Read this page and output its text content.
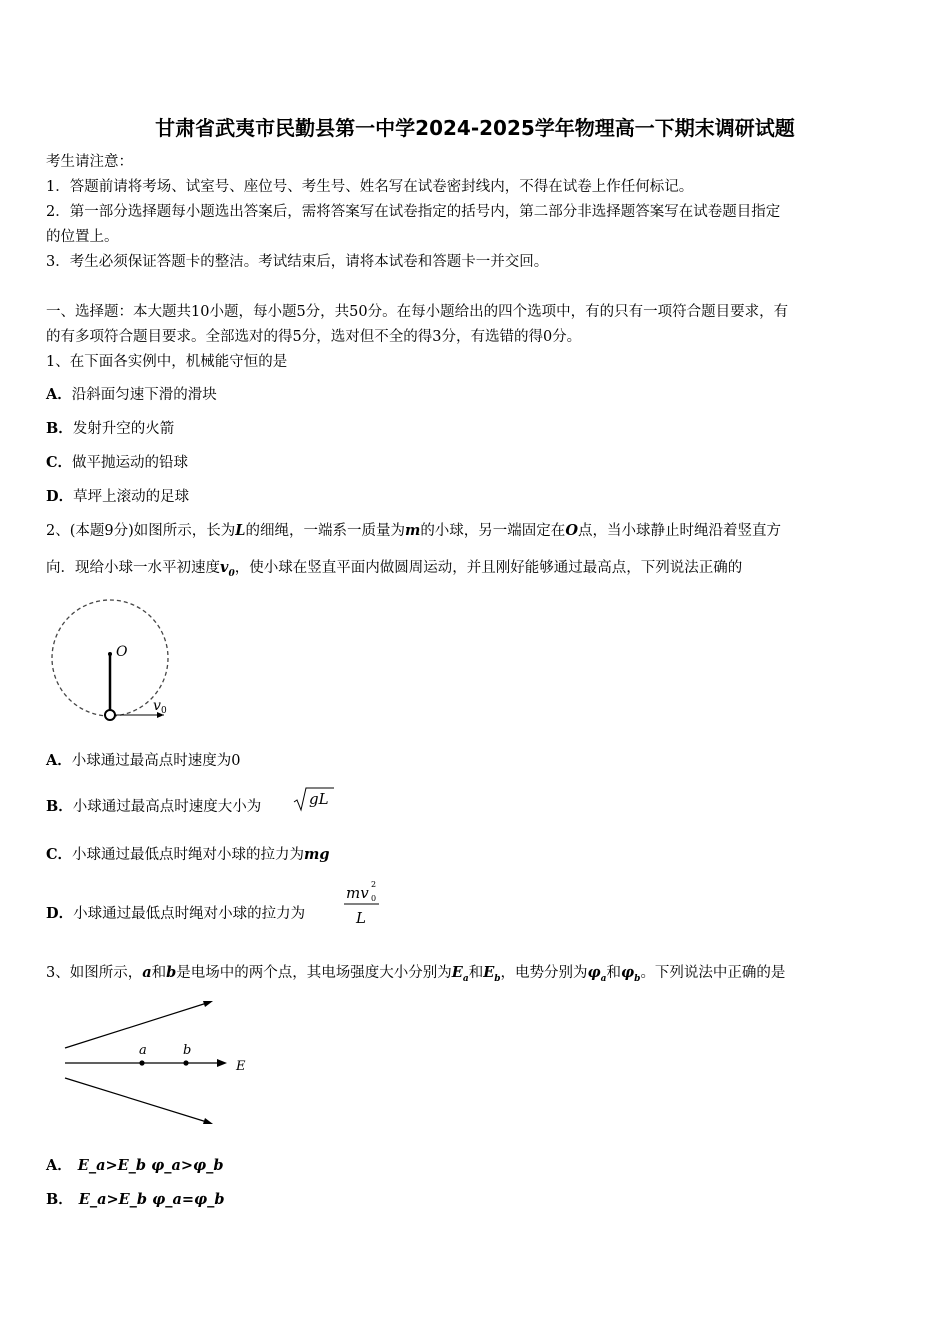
甘肃省武夷市民勤县第一中学2024-2025学年物理高一下期末调研试题
考生请注意：
1．答题前请将考场、试室号、座位号、考生号、姓名写在试卷密封线内，不得在试卷上作任何标记。
2．第一部分选择题每小题选出答案后，需将答案写在试卷指定的括号内，第二部分非选择题答案写在试卷题目指定
的位置上。
3．考生必须保证答题卡的整洁。考试结束后，请将本试卷和答题卡一并交回。
一、选择题：本大题共10小题，每小题5分，共50分。在每小题给出的四个选项中，有的只有一项符合题目要求，有
的有多项符合题目要求。全部选对的得5分，选对但不全的得3分，有选错的得0分。
1、在下面各实例中，机械能守恒的是
A．沿斜面匀速下滑的滑块
B．发射升空的火箭
C．做平抛运动的铅球
D．草坪上滚动的足球
2、(本题9分)如图所示，长为L的细绳，一端系一质量为m的小球，另一端固定在O点，当小球静止时绳沿着竖直方
向．现给小球一水平初速度$v_0$，使小球在竖直平面内做圆周运动，并且刚好能够通过最高点，下列说法正确的
O
v 0
A．小球通过最高点时速度为0
B．小球通过最高点时速度大小为	gL
C．小球通过最低点时绳对小球的拉力为mg
D．小球通过最低点时绳对小球的拉力为
mv 2
0
L
3、如图所示，a和b是电场中的两个点，其电场强度大小分别为$E_a$和$E_b$，电势分别为$\varphi_a$和$\varphi_b$。下列说法中正确的是
a	b
E
A． E_a>E_b φ_a>φ_b
B． E_a>E_b φ_a=φ_b
